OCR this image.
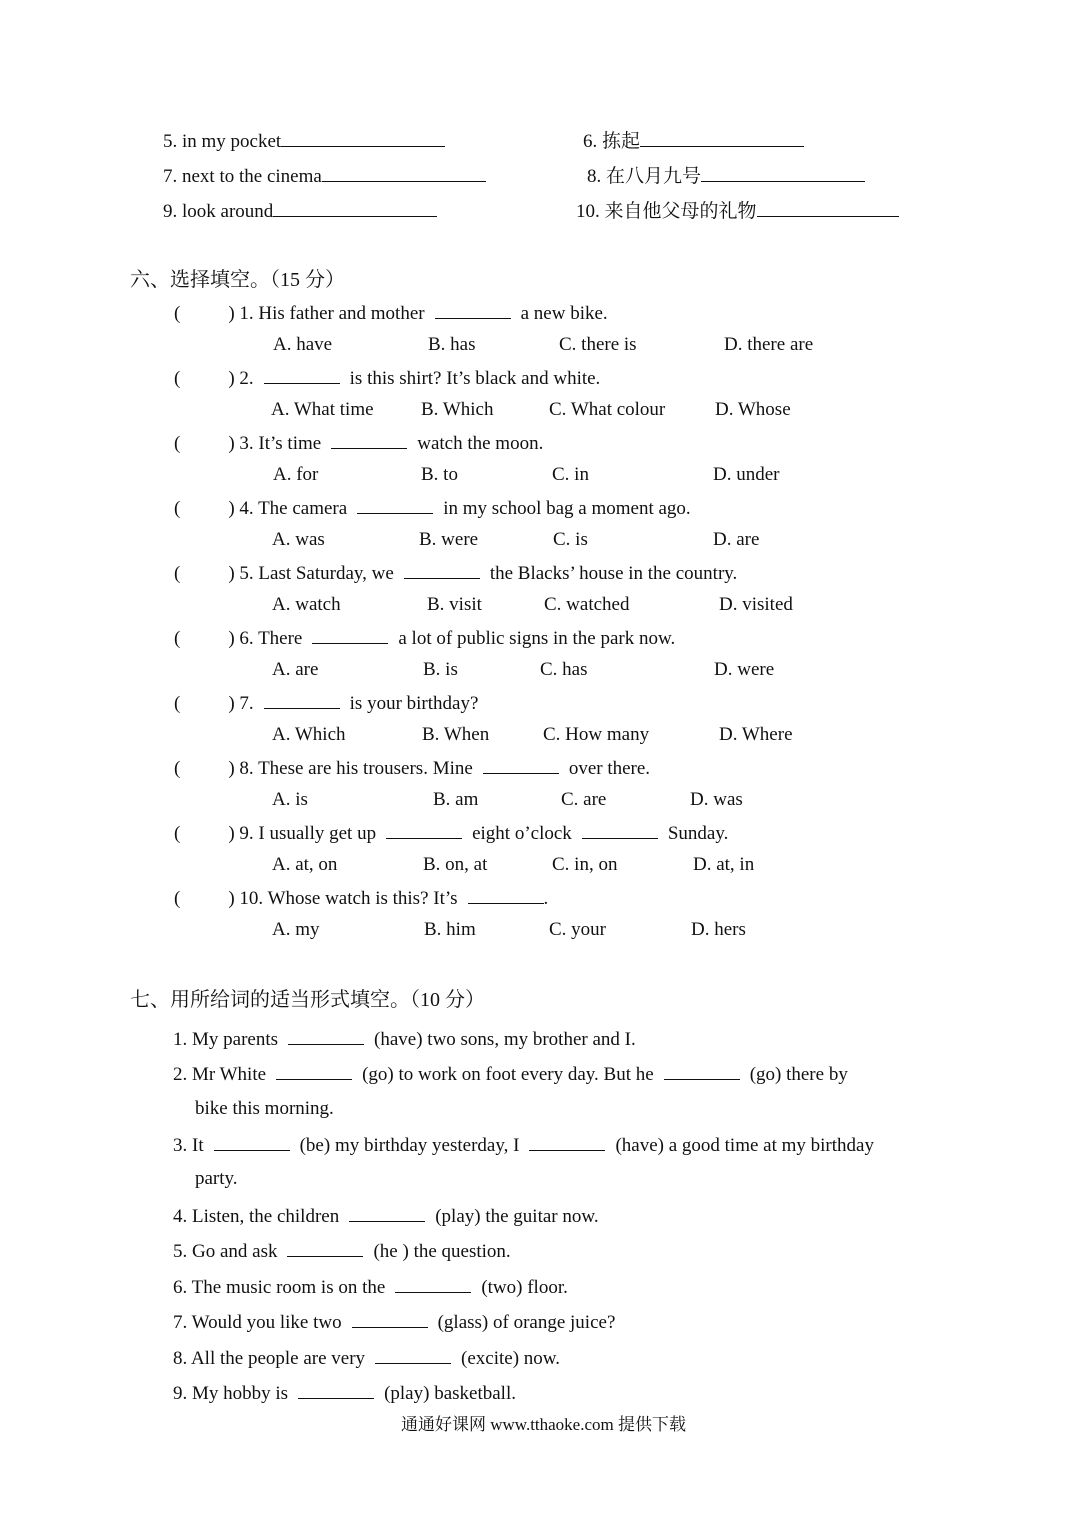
5. in my pocket	6. 拣起
7. next to the cinema	8. 在八月九号
9. look around	10. 来自他父母的礼物
六、选择填空。（15 分）
(	) 1. His father and mother	a new bike.
A. have	B. has	C. there is	D. there are
(	) 2.	is this shirt? It’s black and white.
A. What time B. Which	C. What colour	D. Whose
(	) 3. It’s time	watch the moon.
A. for	B. to	C. in	D. under
(	) 4. The camera	in my school bag a moment ago.
A. was	B. were	C. is	D. are
(	) 5. Last Saturday, we	the Blacks’ house in the country.
A. watch	B. visit	C. watched	D. visited
(	) 6. There	a lot of public signs in the park now.
A. are	B. is	C. has	D. were
(	) 7.	is your birthday?
A. Which	B. When	C. How many	D. Where
(	) 8. These are his trousers. Mine	over there.
A. is	B. am	C. are	D. was
(	) 9. I usually get up	eight o’clock	Sunday.
A. at, on	B. on, at	C. in, on	D. at, in
(	) 10. Whose watch is this? It’s	.
A. my	B. him	C. your	D. hers
七、用所给词的适当形式填空。（10 分）
1. My parents	(have) two sons, my brother and I.
2. Mr White	(go) to work on foot every day. But he	(go) there by
bike this morning.
3. It	(be) my birthday yesterday, I	(have) a good time at my birthday
party.
4. Listen, the children	(play) the guitar now.
5. Go and ask	(he ) the question.
6. The music room is on the	(two) floor.
7. Would you like two	(glass) of orange juice?
8. All the people are very	(excite) now.
9. My hobby is	(play) basketball.
通通好课网 www.tthaoke.com 提供下载
